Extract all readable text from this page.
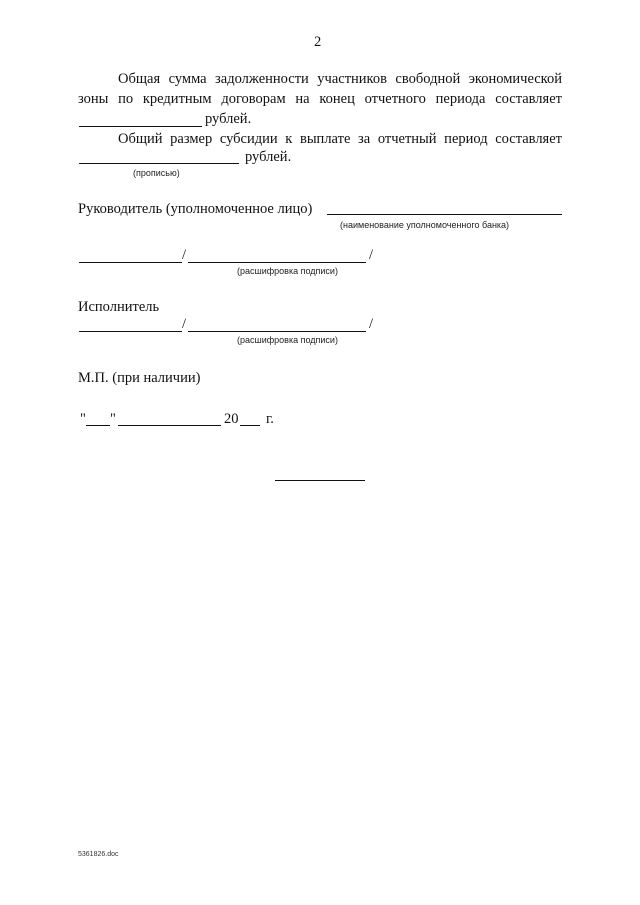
2
Общая сумма задолженности участников свободной экономической
зоны по кредитным договорам на конец отчетного периода составляет
рублей.
Общий размер субсидии к выплате за отчетный период составляет
рублей.
(прописью)
Руководитель (уполномоченное лицо)
(наименование уполномоченного банка)
/	/
(расшифровка подписи)
Исполнитель
/	/
(расшифровка подписи)
М.П. (при наличии)
" "	20 г.
5361826.doc
